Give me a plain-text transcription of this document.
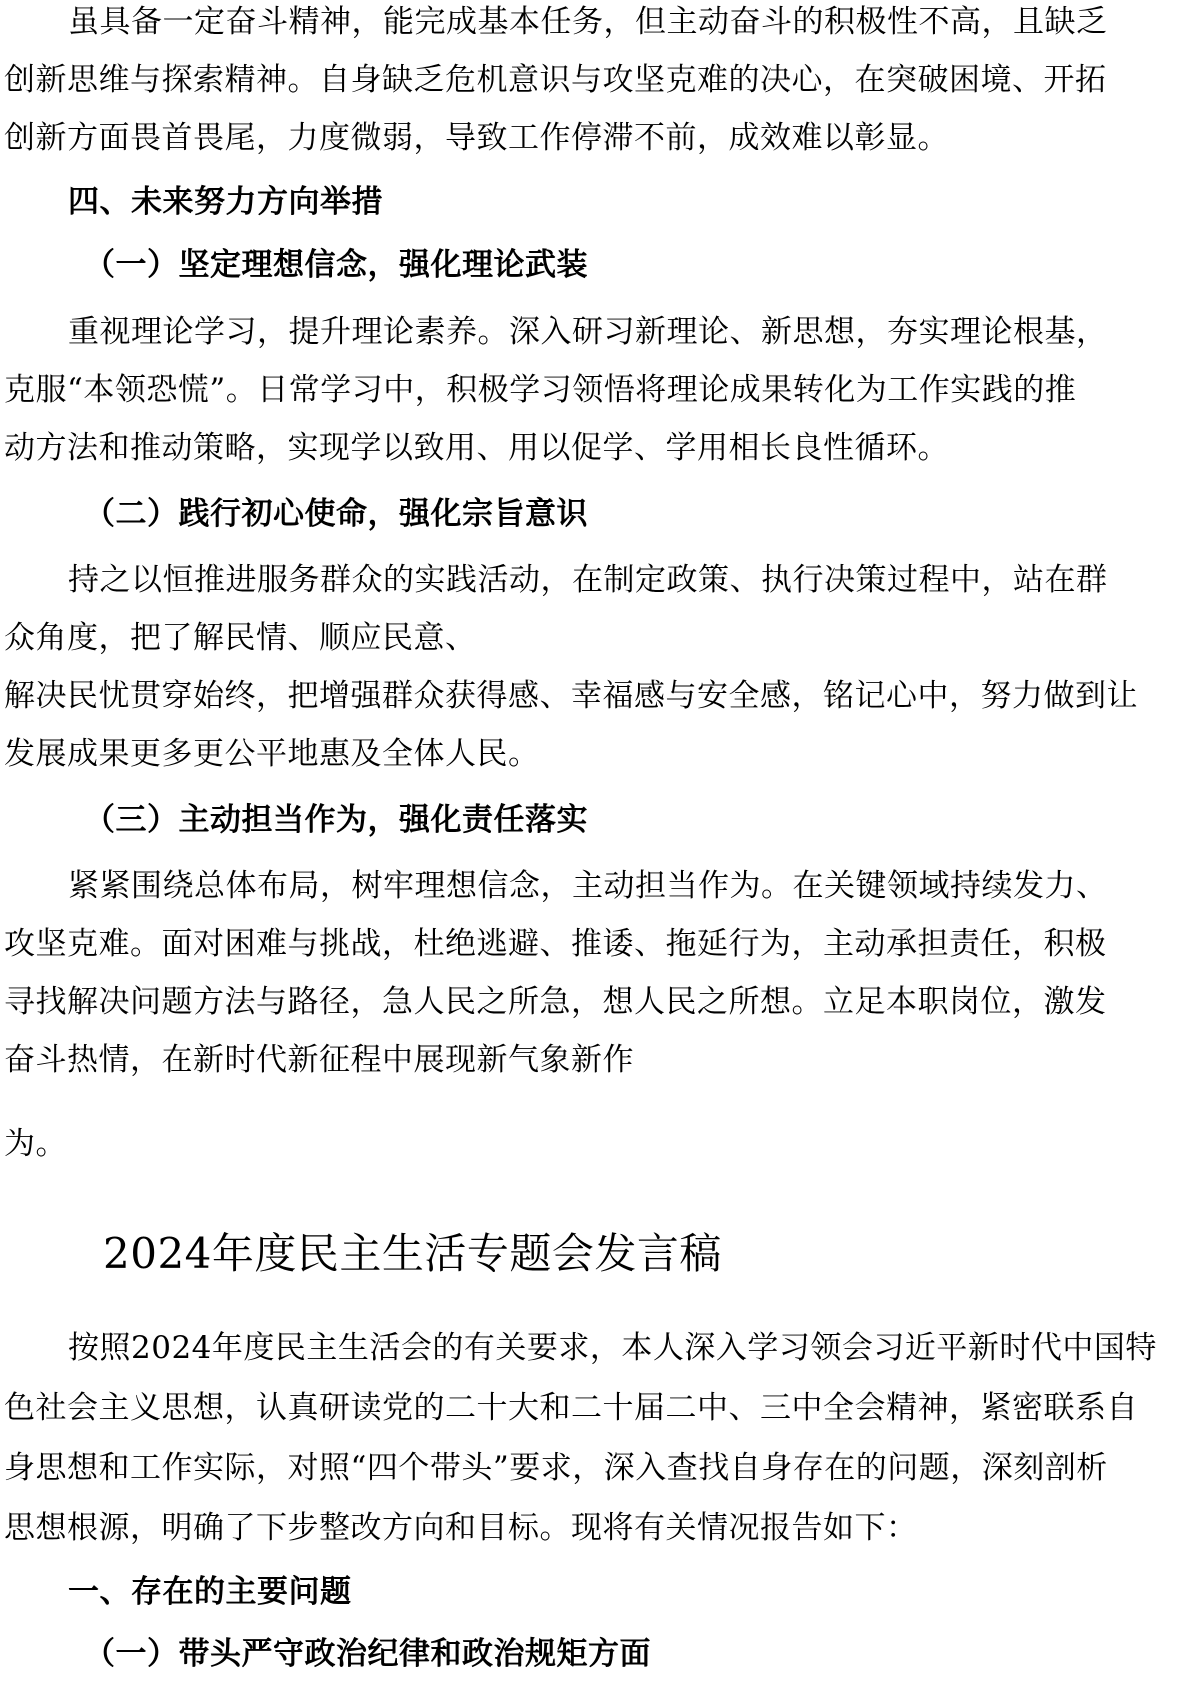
虽具备一定奋斗精神，能完成基本任务，但主动奋斗的积极性不高，且缺乏
创新思维与探索精神。自身缺乏危机意识与攻坚克难的决心，在突破困境、开拓
创新方面畏首畏尾，力度微弱，导致工作停滞不前，成效难以彰显。
四、未来努力方向举措
（一）坚定理想信念，强化理论武装
重视理论学习，提升理论素养。深入研习新理论、新思想，夯实理论根基，
克服“本领恐慌”。日常学习中，积极学习领悟将理论成果转化为工作实践的推
动方法和推动策略，实现学以致用、用以促学、学用相长良性循环。
（二）践行初心使命，强化宗旨意识
持之以恒推进服务群众的实践活动，在制定政策、执行决策过程中，站在群
众角度，把了解民情、顺应民意、
解决民忧贯穿始终，把增强群众获得感、幸福感与安全感，铭记心中，努力做到让
发展成果更多更公平地惠及全体人民。
（三）主动担当作为，强化责任落实
紧紧围绕总体布局，树牢理想信念，主动担当作为。在关键领域持续发力、
攻坚克难。面对困难与挑战，杜绝逃避、推诿、拖延行为，主动承担责任，积极
寻找解决问题方法与路径，急人民之所急，想人民之所想。立足本职岗位，激发
奋斗热情，在新时代新征程中展现新气象新作
为。
2024年度民主生活专题会发言稿
按照2024年度民主生活会的有关要求，本人深入学习领会习近平新时代中国特
色社会主义思想，认真研读党的二十大和二十届二中、三中全会精神，紧密联系自
身思想和工作实际，对照“四个带头”要求，深入查找自身存在的问题，深刻剖析
思想根源，明确了下步整改方向和目标。现将有关情况报告如下：
一、存在的主要问题
（一）带头严守政治纪律和政治规矩方面
